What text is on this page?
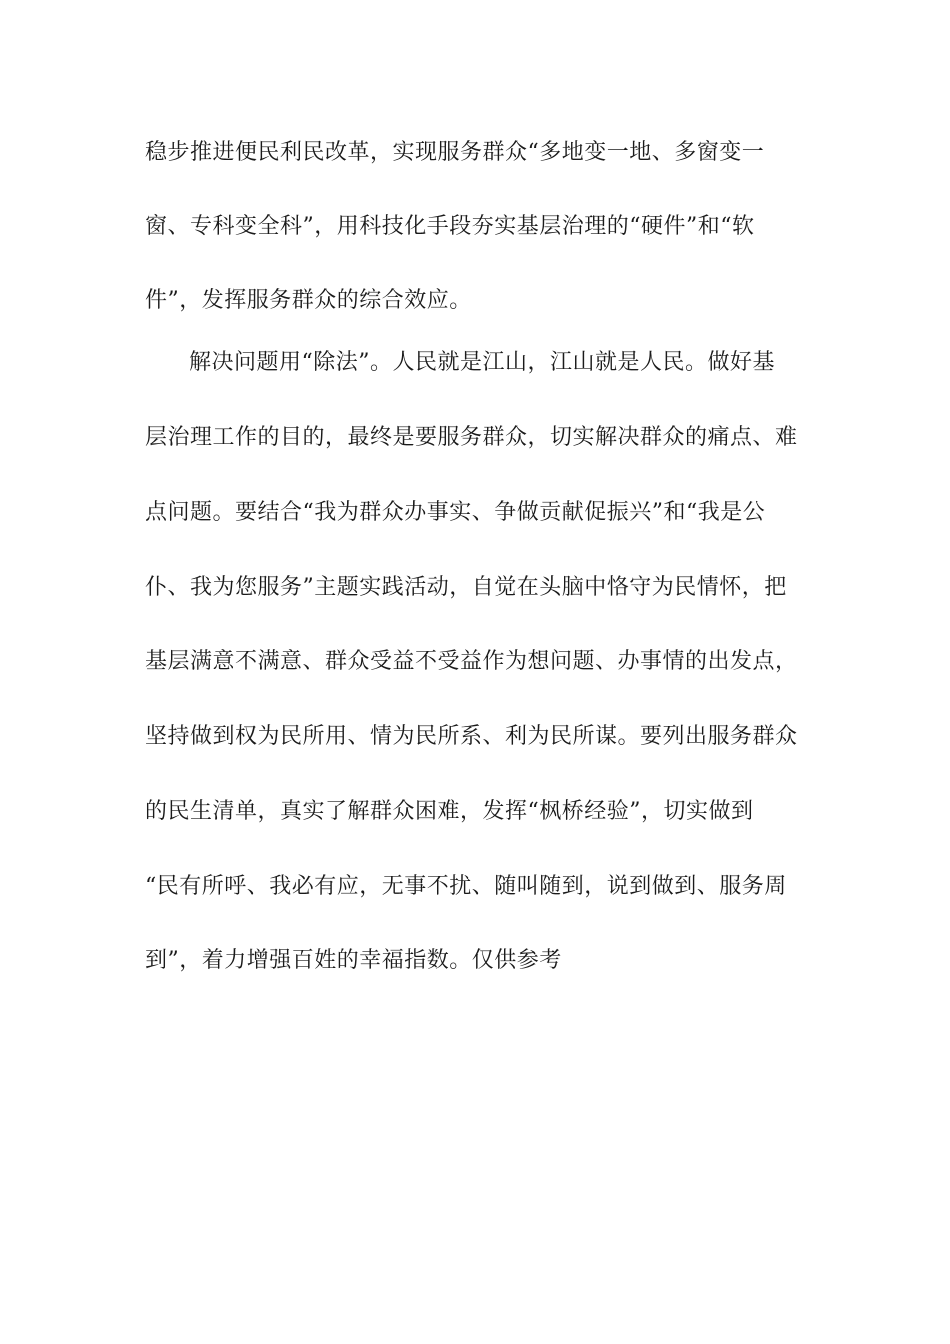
稳步推进便民利民改革，实现服务群众“多地变一地、多窗变一
窗、专科变全科”，用科技化手段夯实基层治理的“硬件”和“软
件”，发挥服务群众的综合效应。
解决问题用“除法”。人民就是江山，江山就是人民。做好基
层治理工作的目的，最终是要服务群众，切实解决群众的痛点、难
点问题。要结合“我为群众办事实、争做贡献促振兴”和“我是公
仆、我为您服务”主题实践活动，自觉在头脑中恪守为民情怀，把
基层满意不满意、群众受益不受益作为想问题、办事情的出发点，
坚持做到权为民所用、情为民所系、利为民所谋。要列出服务群众
的民生清单，真实了解群众困难，发挥“枫桥经验”，切实做到
“民有所呼、我必有应，无事不扰、随叫随到，说到做到、服务周
到”，着力增强百姓的幸福指数。仅供参考
